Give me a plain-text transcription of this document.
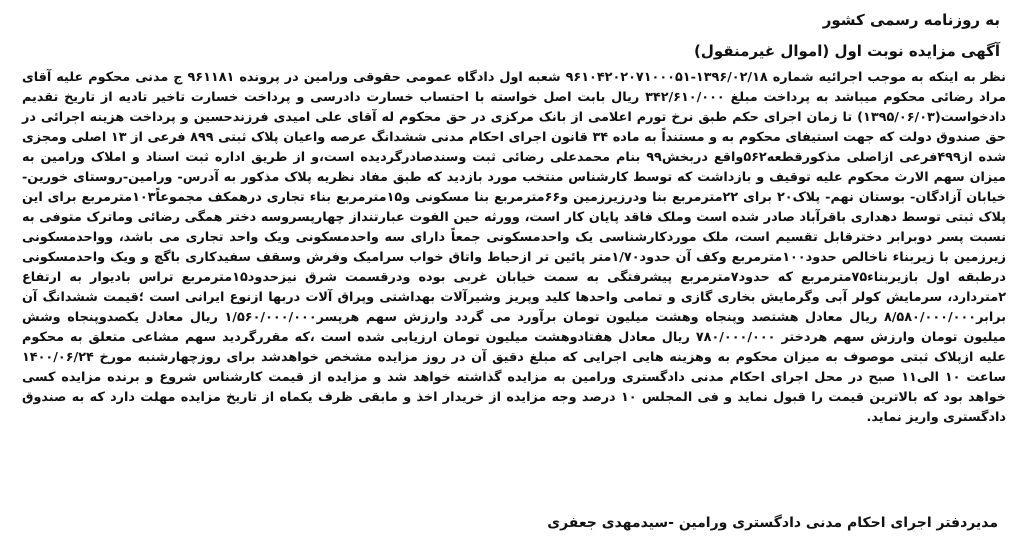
به روزنامه رسمی کشور
آگهی مزایده نوبت اول (اموال غیرمنقول)

نظر به اینکه به موجب اجرائیه شماره ۱۳۹۶/۰۲/۱۸-۹۶۱۰۴۲۰۲۰۷۱۰۰۰۵۱ شعبه اول دادگاه عمومی حقوقی ورامین در پرونده ۹۶۱۱۸۱ ج مدنی محکوم علیه آقای مراد رضائی محکوم میباشد به پرداخت مبلغ ۳۴۲/۶۱۰/۰۰۰ ریال بابت اصل خواسته با احتساب خسارت دادرسی و پرداخت خسارت تاخیر تادیه از تاریخ تقدیم دادخواست(۱۳۹۵/۰۶/۰۳) تا زمان اجرای حکم طبق نرخ تورم اعلامی از بانک مرکزی در حق محکوم له آقای علی امیدی فرزندحسین و پرداخت هزینه اجرائی در حق صندوق دولت که جهت استیفای محکوم به و مستنداً به ماده ۳۴ قانون اجرای احکام مدنی ششدانگ عرصه واعیان پلاک ثبتی ۸۹۹ فرعی از ۱۳ اصلی ومجزی شده از۴۹۹فرعی ازاصلی مذکورقطعه۵۶۲واقع دربخش۹۹ بنام محمدعلی رضائی ثبت وسندصادرگردیده است،و از طریق اداره ثبت اسناد و املاک ورامین به میزان سهم الارث محکوم علیه توقیف و بازداشت که توسط کارشناس منتخب مورد بازدید که طبق مفاد نظریه پلاک مذکور به آدرس- ورامین-روستای خورین- خیابان آزادگان- بوستان نهم- پلاک۲۰ برای ۲۲مترمربع بنا ودرزیرزمین و۶۶مترمربع بنا مسکونی و۱۵مترمربع بناء تجاری درهمکف مجموعاً۱۰۳مترمربع برای این پلاک ثبتی توسط دهداری باقرآباد صادر شده است وملک فاقد پایان کار است، وورثه حین الفوت عبارتنداز چهارپسروسه دختر همگی رضائی وماترک متوفی به نسبت پسر دوبرابر دخترقابل تقسیم است، ملک موردکارشناسی یک واحدمسکونی جمعاً دارای سه واحدمسکونی ویک واحد تجاری می باشد، وواحدمسکونی زیرزمین با زیربناء ناخالص حدود۱۰۰مترمربع وکف آن حدود۱/۷۰متر پائین تر ازحیاط واتاق خواب سرامیک وفرش وسقف سفیدکاری باگچ و ویک واحدمسکونی درطبقه اول بازیربناء۷۵مترمربع که حدود۷مترمربع پیشرفتگی به سمت خیابان غربی بوده ودرقسمت شرق نیزحدود۱۵مترمربع تراس بادیوار به ارتفاع ۲متردارد، سرمایش کولر آبی وگرمایش بخاری گازی و تمامی واحدها کلید وپریز وشیرآلات بهداشتی وپراق آلات دربها ازنوع ایرانی است ؛قیمت ششدانگ آن برابر۸/۵۸۰/۰۰۰/۰۰۰ ریال معادل هشتصد وپنجاه وهشت میلیون تومان برآورد می گردد وارزش سهم هرپسر۱/۵۶۰/۰۰۰/۰۰۰ ریال معادل یکصدوپنجاه وشش میلیون تومان وارزش سهم هردختر ۷۸۰/۰۰۰/۰۰۰ ریال معادل هفتادوهشت میلیون تومان ارزیابی شده است ،که مقررگردید سهم مشاعی متعلق به محکوم علیه ازپلاک ثبتی موصوف به میزان محکوم به وهزینه هایی اجرایی که مبلغ دقیق آن در روز مزایده مشخص خواهدشد برای روزچهارشنبه مورخ ۱۴۰۰/۰۶/۲۴ ساعت ۱۰ الی۱۱ صبح در محل اجرای احکام مدنی دادگستری ورامین به مزایده گذاشته خواهد شد و مزایده از قیمت کارشناس شروع و برنده مزایده کسی خواهد بود که بالاترین قیمت را قبول نماید و فی المجلس ۱۰ درصد وجه مزایده از خریدار اخذ و مابقی ظرف یکماه از تاریخ مزایده مهلت دارد که به صندوق دادگستری واریز نماید.

مدیردفتر اجرای احکام مدنی دادگستری ورامین -سیدمهدی جعفری
